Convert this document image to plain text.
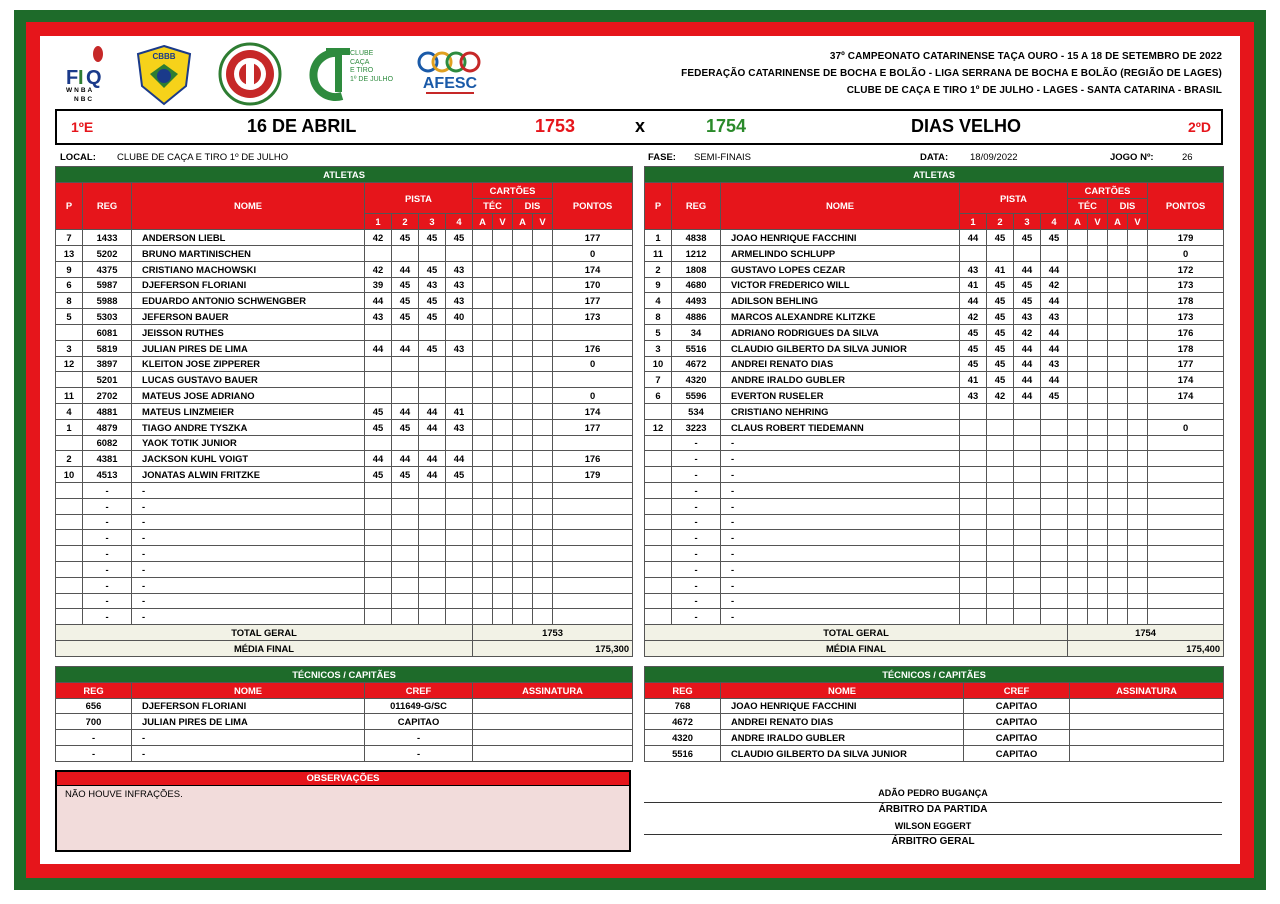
F I Q
WNBA
NBC
CBBB	CLUBE
CAÇA
E TIRO
1º DE JULHO AFESC
37º CAMPEONATO CATARINENSE TAÇA OURO - 15 A 18 DE SETEMBRO DE 2022
FEDERAÇÃO CATARINENSE DE BOCHA E BOLÃO - LIGA SERRANA DE BOCHA E BOLÃO (REGIÃO DE LAGES)
CLUBE DE CAÇA E TIRO 1º DE JULHO - LAGES - SANTA CATARINA - BRASIL
1ºE	16 DE ABRIL	1753	x	1754	DIAS VELHO	2ºD
LOCAL: CLUBE DE CAÇA E TIRO 1º DE JULHO	FASE: SEMI-FINAIS	DATA: 18/09/2022	JOGO Nº:	26
ATLETAS											
P	REG	NOME	PISTA				CARTÕES				PONTOS
							TÉC		DIS		
			1	2	3	4	A	V	A	V	
7	1433	ANDERSON LIEBL	42	45	45	45					177
13	5202	BRUNO MARTINISCHEN									0
9	4375	CRISTIANO MACHOWSKI	42	44	45	43					174
6	5987	DJEFERSON FLORIANI	39	45	43	43					170
8	5988	EDUARDO ANTONIO SCHWENGBER	44	45	45	43					177
5	5303	JEFERSON BAUER	43	45	45	40					173
	6081	JEISSON RUTHES									
3	5819	JULIAN PIRES DE LIMA	44	44	45	43					176
12	3897	KLEITON JOSE ZIPPERER									0
	5201	LUCAS GUSTAVO BAUER									
11	2702	MATEUS JOSE ADRIANO									0
4	4881	MATEUS LINZMEIER	45	44	44	41					174
1	4879	TIAGO ANDRE TYSZKA	45	45	44	43					177
	6082	YAOK TOTIK JUNIOR									
2	4381	JACKSON KUHL VOIGT	44	44	44	44					176
10	4513	JONATAS ALWIN FRITZKE	45	45	44	45					179
	-	-									
	-	-									
	-	-									
	-	-									
	-	-									
	-	-									
	-	-									
	-	-									
	-	-									
TOTAL GERAL							1753				
MÉDIA FINAL							175,300				
ATLETAS											
P	REG	NOME	PISTA				CARTÕES				PONTOS
							TÉC		DIS		
			1	2	3	4	A	V	A	V	
1	4838	JOAO HENRIQUE FACCHINI	44	45	45	45					179
11	1212	ARMELINDO SCHLUPP									0
2	1808	GUSTAVO LOPES CEZAR	43	41	44	44					172
9	4680	VICTOR FREDERICO WILL	41	45	45	42					173
4	4493	ADILSON BEHLING	44	45	45	44					178
8	4886	MARCOS ALEXANDRE KLITZKE	42	45	43	43					173
5	34	ADRIANO RODRIGUES DA SILVA	45	45	42	44					176
3	5516	CLAUDIO GILBERTO DA SILVA JUNIOR	45	45	44	44					178
10	4672	ANDREI RENATO DIAS	45	45	44	43					177
7	4320	ANDRE IRALDO GUBLER	41	45	44	44					174
6	5596	EVERTON RUSELER	43	42	44	45					174
	534	CRISTIANO NEHRING									
12	3223	CLAUS ROBERT TIEDEMANN									0
	-	-									
	-	-									
	-	-									
	-	-									
	-	-									
	-	-									
	-	-									
	-	-									
	-	-									
	-	-									
	-	-									
	-	-									
TOTAL GERAL							1754				
MÉDIA FINAL							175,400				
TÉCNICOS / CAPITÃES			
REG	NOME	CREF	ASSINATURA
656	DJEFERSON FLORIANI	011649-G/SC	
700	JULIAN PIRES DE LIMA	CAPITAO	
-	-	-	
-	-	-	
TÉCNICOS / CAPITÃES			
REG	NOME	CREF	ASSINATURA
768	JOAO HENRIQUE FACCHINI	CAPITAO	
4672	ANDREI RENATO DIAS	CAPITAO	
4320	ANDRE IRALDO GUBLER	CAPITAO	
5516	CLAUDIO GILBERTO DA SILVA JUNIOR	CAPITAO	
OBSERVAÇÕES
NÃO HOUVE INFRAÇÕES.	ADÃO PEDRO BUGANÇA
ÁRBITRO DA PARTIDA
WILSON EGGERT
ÁRBITRO GERAL
